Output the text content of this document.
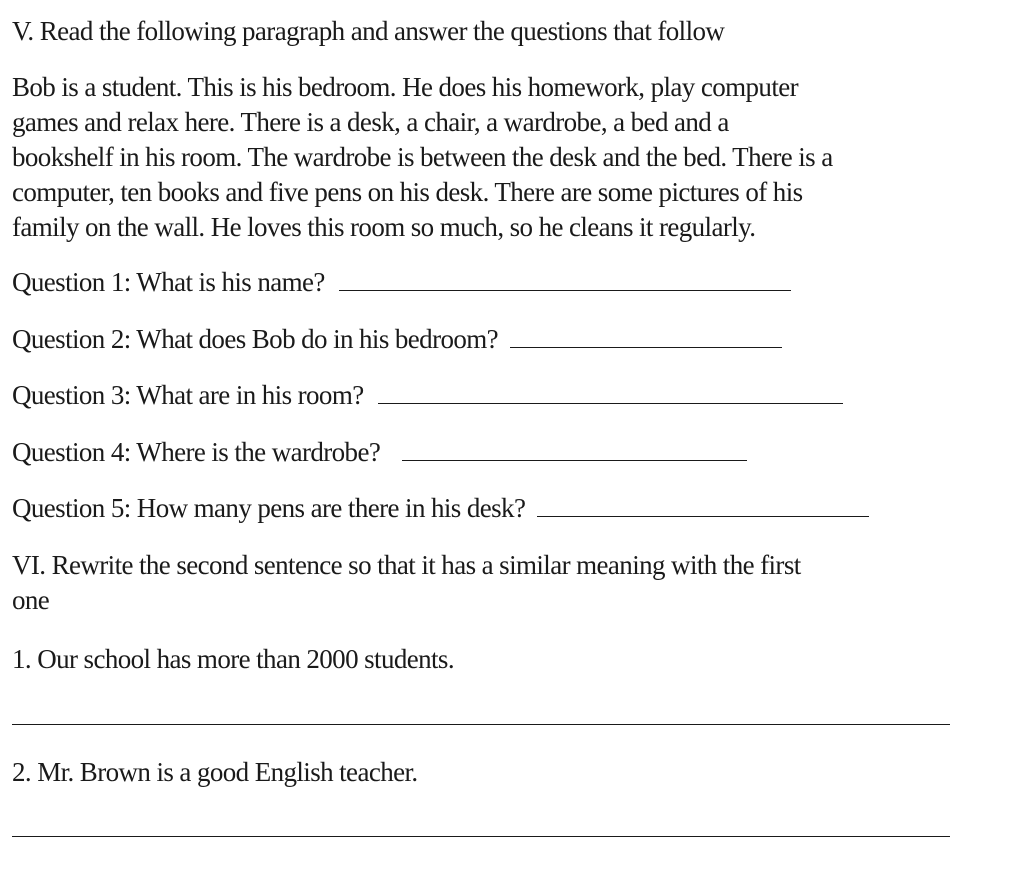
V. Read the following paragraph and answer the questions that follow
Bob is a student. This is his bedroom. He does his homework, play computer
games and relax here. There is a desk, a chair, a wardrobe, a bed and a
bookshelf in his room. The wardrobe is between the desk and the bed. There is a
computer, ten books and five pens on his desk. There are some pictures of his
family on the wall. He loves this room so much, so he cleans it regularly.
Question 1: What is his name?
Question 2: What does Bob do in his bedroom?
Question 3: What are in his room?
Question 4: Where is the wardrobe?
Question 5: How many pens are there in his desk?
VI. Rewrite the second sentence so that it has a similar meaning with the first
one
1. Our school has more than 2000 students.
2. Mr. Brown is a good English teacher.
